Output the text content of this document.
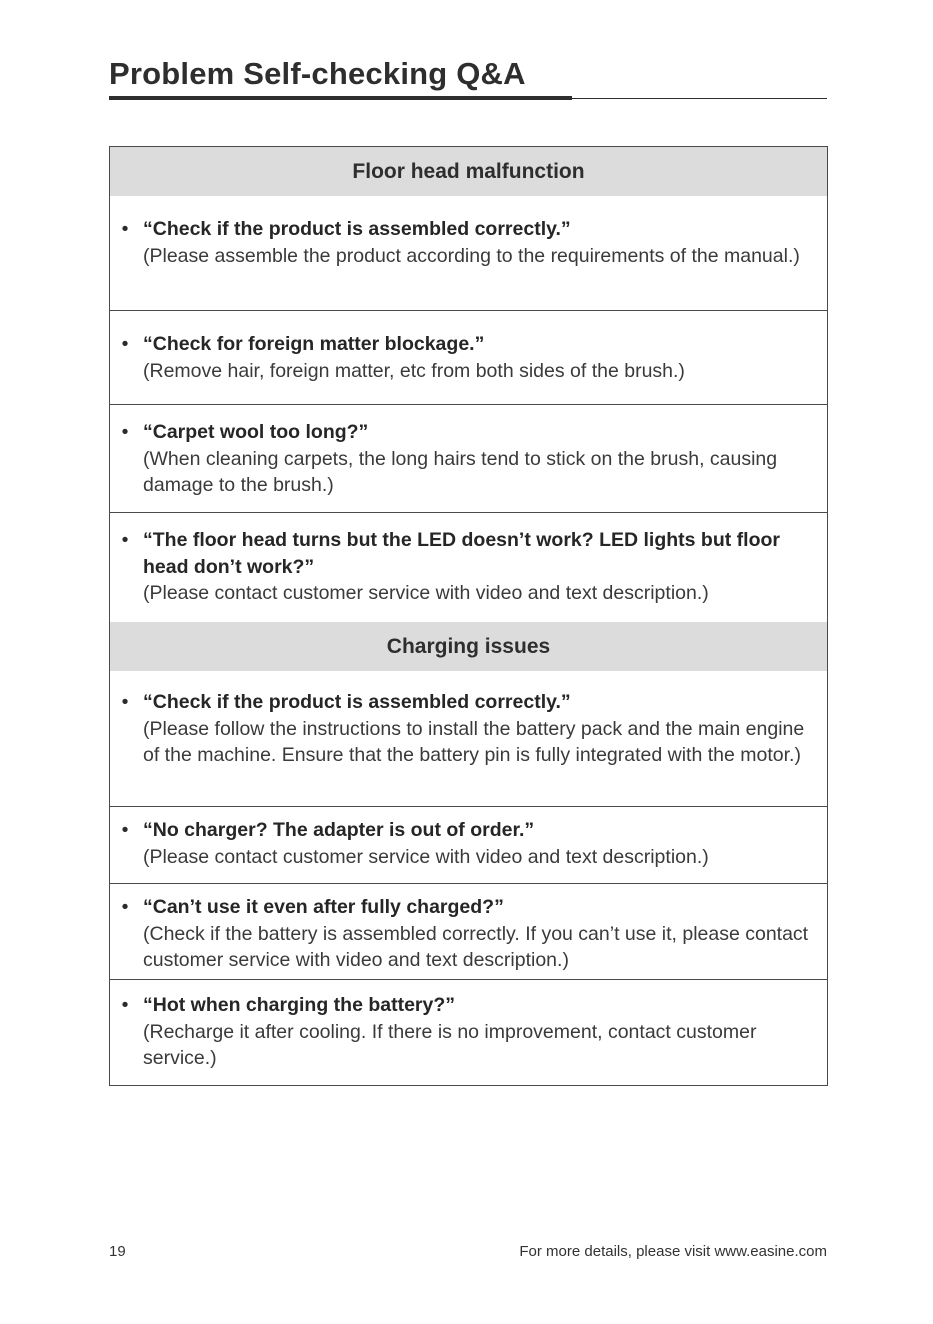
Problem Self-checking Q&A
Floor head malfunction
• “Check if the product is assembled correctly.”
(Please assemble the product according to the requirements of the manual.)
• “Check for foreign matter blockage.”
(Remove hair, foreign matter, etc from both sides of the brush.)
• “Carpet wool too long?”
(When cleaning carpets, the long hairs tend to stick on the brush, causing damage to the brush.)
• “The floor head turns but the LED doesn’t work? LED lights but floor head don’t work?”
(Please contact customer service with video and text description.)
Charging issues
• “Check if the product is assembled correctly.”
(Please follow the instructions to install the battery pack and the main engine of the machine. Ensure that the battery pin is fully integrated with the motor.)
• “No charger? The adapter is out of order.”
(Please contact customer service with video and text description.)
• “Can’t use it even after fully charged?”
(Check if the battery is assembled correctly. If you can’t use it, please contact customer service with video and text description.)
• “Hot when charging the battery?”
(Recharge it after cooling. If there is no improvement, contact customer service.)
19	For more details, please visit www.easine.com
